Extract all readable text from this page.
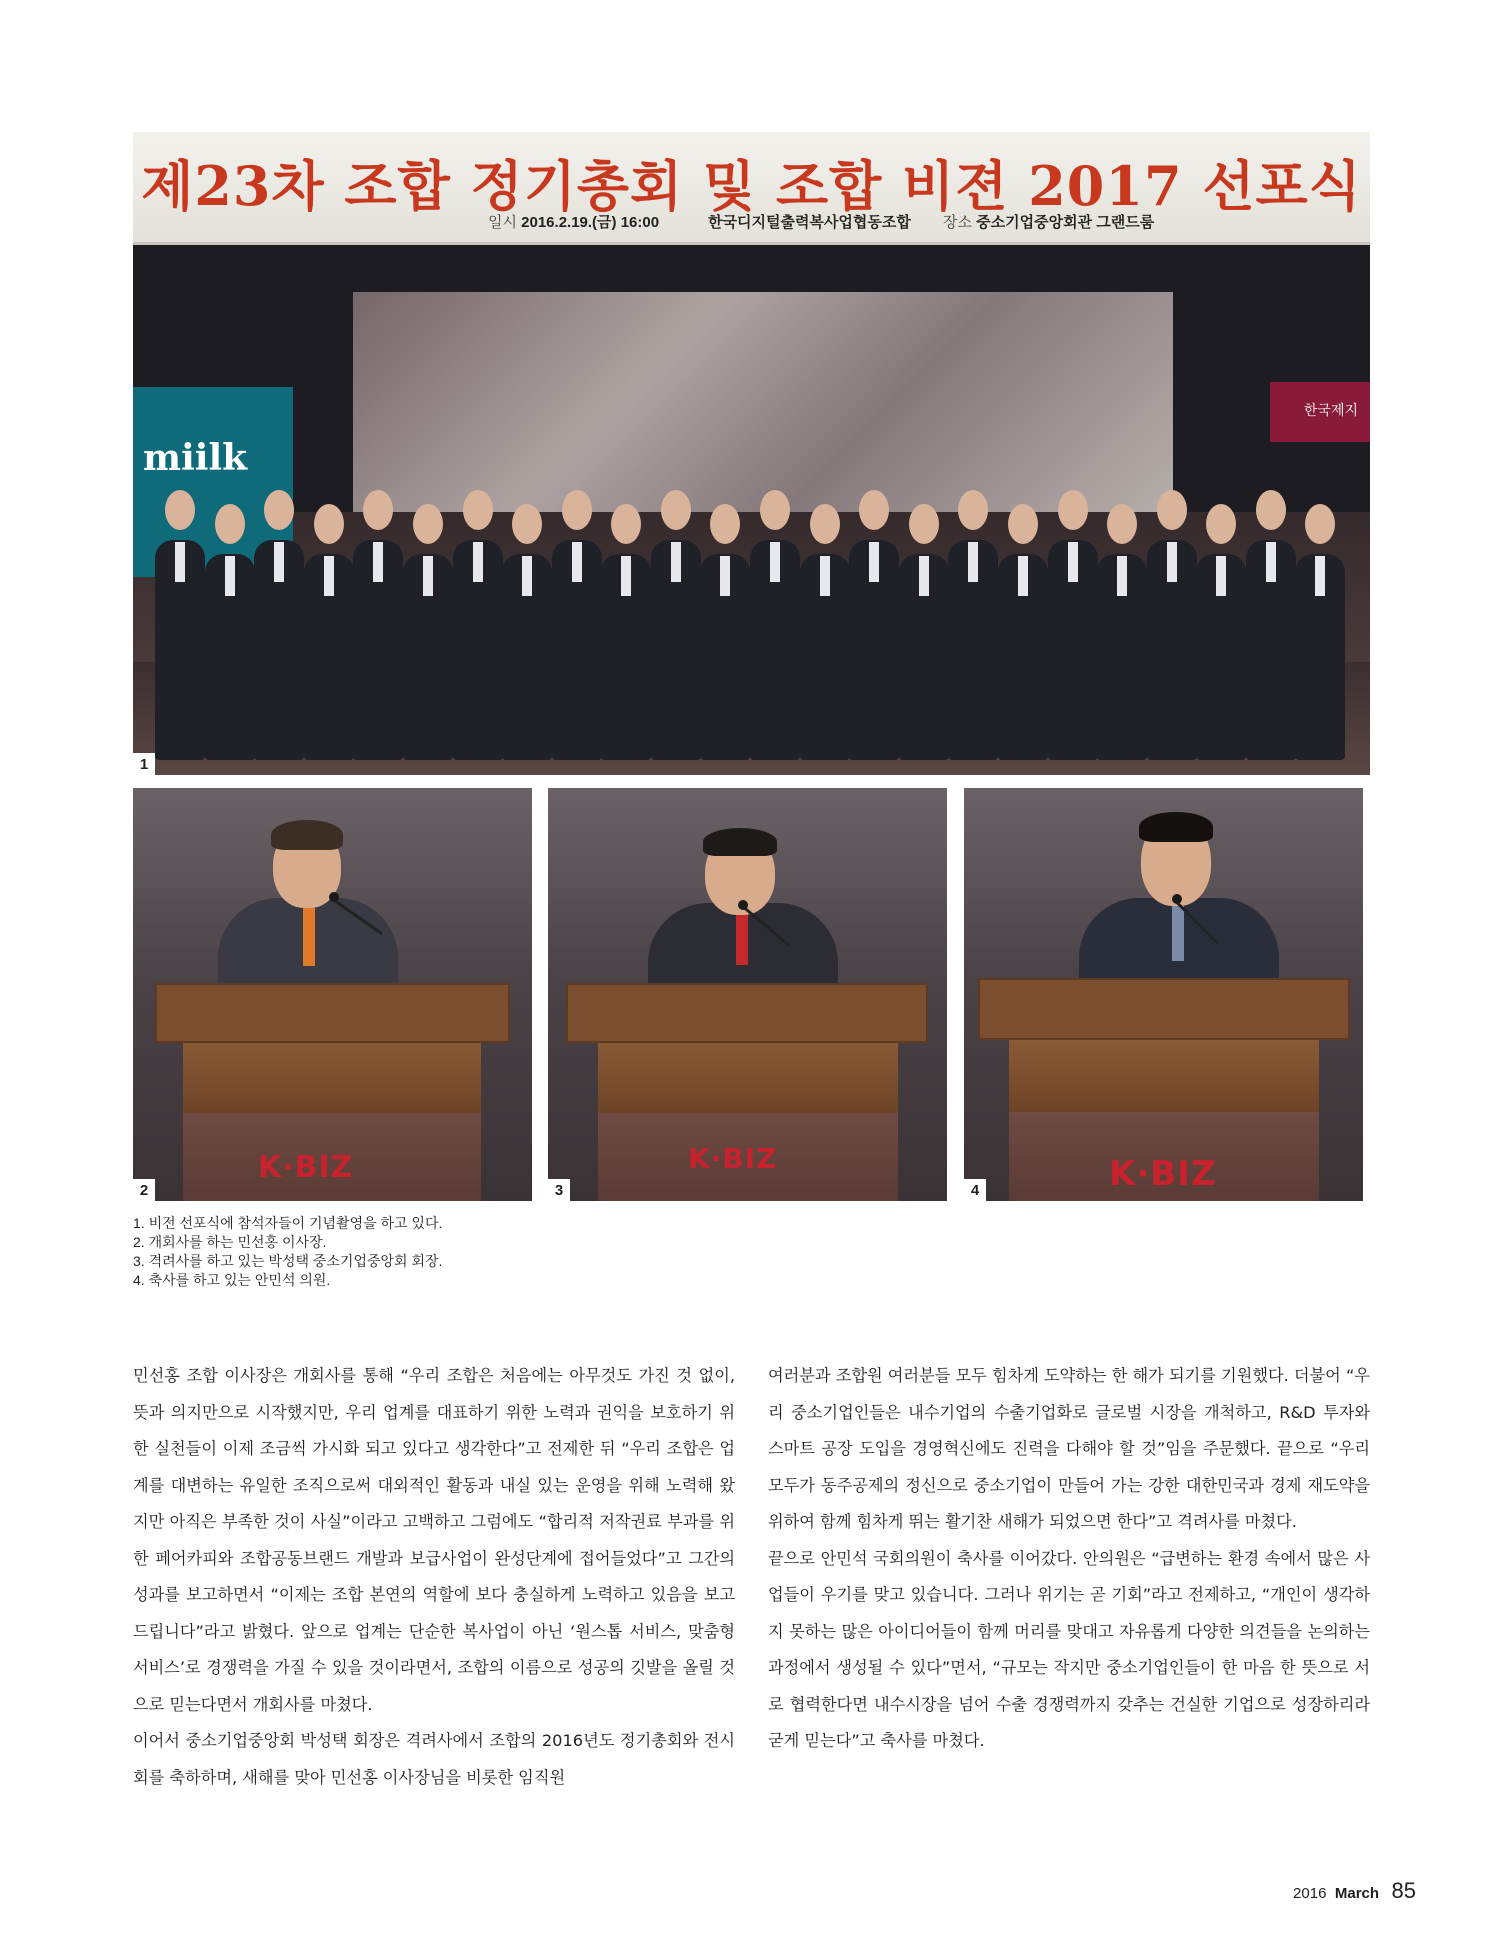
miilk
한국제지
제23차 조합 정기총회 및 조합 비젼 2017 선포식
일시 2016.2.19.(금) 16:00	한국디지털출력복사업협동조합 장소 중소기업중앙회관 그랜드룸
1
K·BIZ
2
K·BIZ
3	K·BIZ
4
1. 비전 선포식에 참석자들이 기념촬영을 하고 있다.
2. 개회사를 하는 민선홍 이사장.
3. 격려사를 하고 있는 박성택 중소기업중앙회 회장.
4. 축사를 하고 있는 안민석 의원.

민선홍 조합 이사장은 개회사를 통해 “우리 조합은 처음에는 아무것도 가진 것 없이, 뜻과 의지만으로 시작했지만, 우리 업계를 대표하기 위한 노력과 권익을 보호하기 위한 실천들이 이제 조금씩 가시화 되고 있다고 생각한다”고 전제한 뒤 “우리 조합은 업계를 대변하는 유일한 조직으로써 대외적인 활동과 내실 있는 운영을 위해 노력해 왔지만 아직은 부족한 것이 사실”이라고 고백하고 그럼에도 “합리적 저작권료 부과를 위한 페어카피와 조합공동브랜드 개발과 보급사업이 완성단계에 접어들었다”고 그간의 성과를 보고하면서 “이제는 조합 본연의 역할에 보다 충실하게 노력하고 있음을 보고 드립니다”라고 밝혔다. 앞으로 업계는 단순한 복사업이 아닌 ‘원스톱 서비스, 맞춤형 서비스’로 경쟁력을 가질 수 있을 것이라면서, 조합의 이름으로 성공의 깃발을 올릴 것으로 믿는다면서 개회사를 마쳤다.

이어서 중소기업중앙회 박성택 회장은 격려사에서 조합의 2016년도 정기총회와 전시회를 축하하며, 새해를 맞아 민선홍 이사장님을 비롯한 임직원

여러분과 조합원 여러분들 모두 힘차게 도약하는 한 해가 되기를 기원했다. 더불어 “우리 중소기업인들은 내수기업의 수출기업화로 글로벌 시장을 개척하고, R&D 투자와 스마트 공장 도입을 경영혁신에도 진력을 다해야 할 것”임을 주문했다. 끝으로 “우리 모두가 동주공제의 정신으로 중소기업이 만들어 가는 강한 대한민국과 경제 재도약을 위하여 함께 힘차게 뛰는 활기찬 새해가 되었으면 한다”고 격려사를 마쳤다.

끝으로 안민석 국회의원이 축사를 이어갔다. 안의원은 “급변하는 환경 속에서 많은 사업들이 우기를 맞고 있습니다. 그러나 위기는 곧 기회”라고 전제하고, “개인이 생각하지 못하는 많은 아이디어들이 함께 머리를 맞대고 자유롭게 다양한 의견들을 논의하는 과정에서 생성될 수 있다”면서, “규모는 작지만 중소기업인들이 한 마음 한 뜻으로 서로 협력한다면 내수시장을 넘어 수출 경쟁력까지 갖추는 건실한 기업으로 성장하리라 굳게 믿는다”고 축사를 마쳤다.

2016 March 85
